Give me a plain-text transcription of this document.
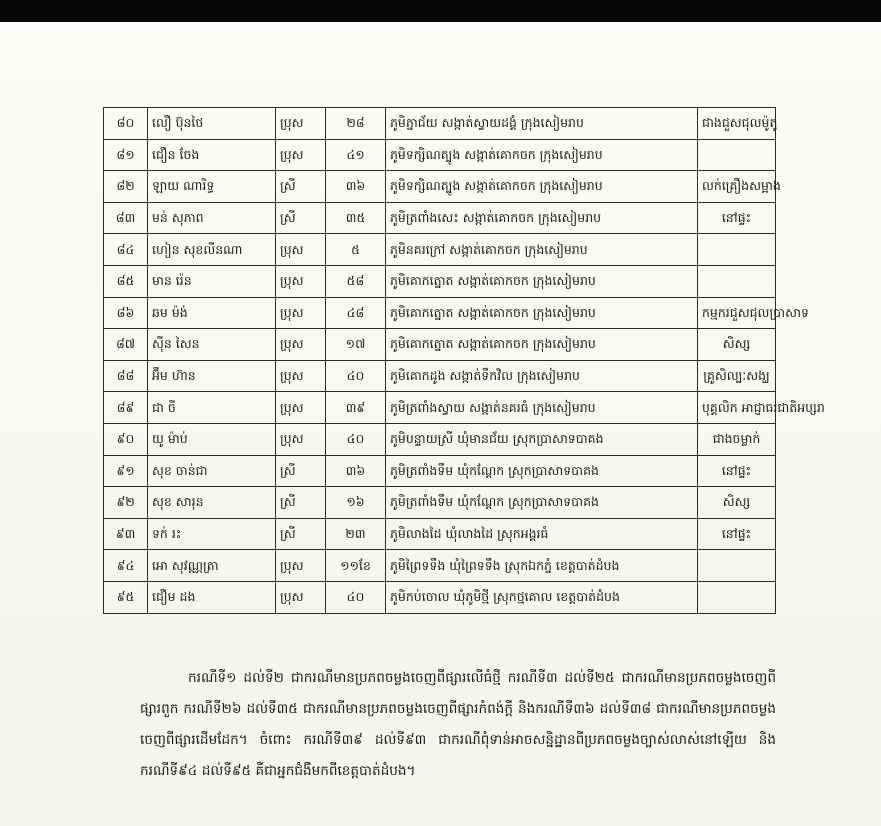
៨០	លឿ ប៊ុនថៃ	ប្រុស	២៨	ភូមិភ្នាជ័យ សង្កាត់ស្វាយដង្គំ ក្រុងសៀមរាប	ជាងជួសជុលម៉ូតូ
៨១	ជឿន ចែង	ប្រុស	៤១	ភូមិទក្សិណត្បូង សង្កាត់គោកចក ក្រុងសៀមរាប	
៨២	ឡាយ ណារិទ្ធ	ស្រី	៣៦	ភូមិទក្សិណត្បូង សង្កាត់គោកចក ក្រុងសៀមរាប	លក់គ្រឿងសម្អាង
៨៣	មន់ សុភាព	ស្រី	៣៥	ភូមិត្រពាំងសេះ សង្កាត់គោកចក ក្រុងសៀមរាប	នៅផ្ទះ
៨៤	ហៀន សុខលីនណា	ប្រុស	៥	ភូមិនគរក្រៅ សង្កាត់គោកចក ក្រុងសៀមរាប	
៨៥	មាន រ៉េន	ប្រុស	៥៨	ភូមិគោកត្នោត សង្កាត់គោកចក ក្រុងសៀមរាប	
៨៦	ឆម ម៉ង់	ប្រុស	៤៨	ភូមិគោកត្នោត សង្កាត់គោកចក ក្រុងសៀមរាប	កម្មករជួសជុលប្រាសាទ
៨៧	ស៊ីន សៃន	ប្រុស	១៧	ភូមិគោកត្នោត សង្កាត់គោកចក ក្រុងសៀមរាប	សិស្ស
៨៨	អ៊ឹម ហ៊ាន	ប្រុស	៤០	ភូមិគោកដូង សង្កាត់ទឹកវិល ក្រុងសៀមរាប	គ្រូសិល្បៈសង្ឃ
៨៩	ជា ចី	ប្រុស	៣៩	ភូមិត្រពាំងស្វាយ សង្កាត់នគរធំ ក្រុងសៀមរាប	បុគ្គលិក អាជ្ញាធរជាតិអប្សរា
៩០	យូ ម៉ាប់	ប្រុស	៤០	ភូមិបន្ទាយស្រី ឃុំមានជ័យ ស្រុកប្រាសាទបាគង	ជាងចម្លាក់
៩១	សុខ ចាន់ជា	ស្រី	៣៦	ភូមិត្រពាំងទឹម ឃុំកណ្ដែក ស្រុកប្រាសាទបាគង	នៅផ្ទះ
៩២	សុខ សារុន	ស្រី	១៦	ភូមិត្រពាំងទឹម ឃុំកណ្ដែក ស្រុកប្រាសាទបាគង	សិស្ស
៩៣	ទក់ រះ	ស្រី	២៣	ភូមិលាងដៃ ឃុំលាងដៃ ស្រុកអង្គរធំ	នៅផ្ទះ
៩៤	អោ សុវណ្ណត្រា	ប្រុស	១១ខែ	ភូមិព្រៃទទឹង ឃុំព្រៃទទឹង ស្រុកឯកភ្នំ ខេត្តបាត់ដំបង	
៩៥	ជឿម ដង	ប្រុស	៤០	ភូមិកប់ចោល ឃុំភូមិថ្មី ស្រុកថ្មគោល ខេត្តបាត់ដំបង	
ករណីទី១ ដល់ទី២ ជាករណីមានប្រភពចម្លងចេញពីផ្សារលើធំថ្មី ករណីទី៣ ដល់ទី២៥ ជាករណីមានប្រភពចម្លងចេញពីផ្សារពួក ករណីទី២៦ ដល់ទី៣៥ ជាករណីមានប្រភពចម្លងចេញពីផ្សារកំពង់ក្ដី និងករណីទី៣៦ ដល់ទី៣៨ ជាករណីមានប្រភពចម្លងចេញពីផ្សារដើមដែក។ ចំពោះ ករណីទី៣៩ ដល់ទី៩៣ ជាករណីពុំទាន់អាចសន្និដ្ឋានពីប្រភពចម្លងច្បាស់លាស់នៅឡើយ និងករណីទី៩៤ ដល់ទី៩៥ គឺជាអ្នកជំងឺមកពីខេត្តបាត់ដំបង។
